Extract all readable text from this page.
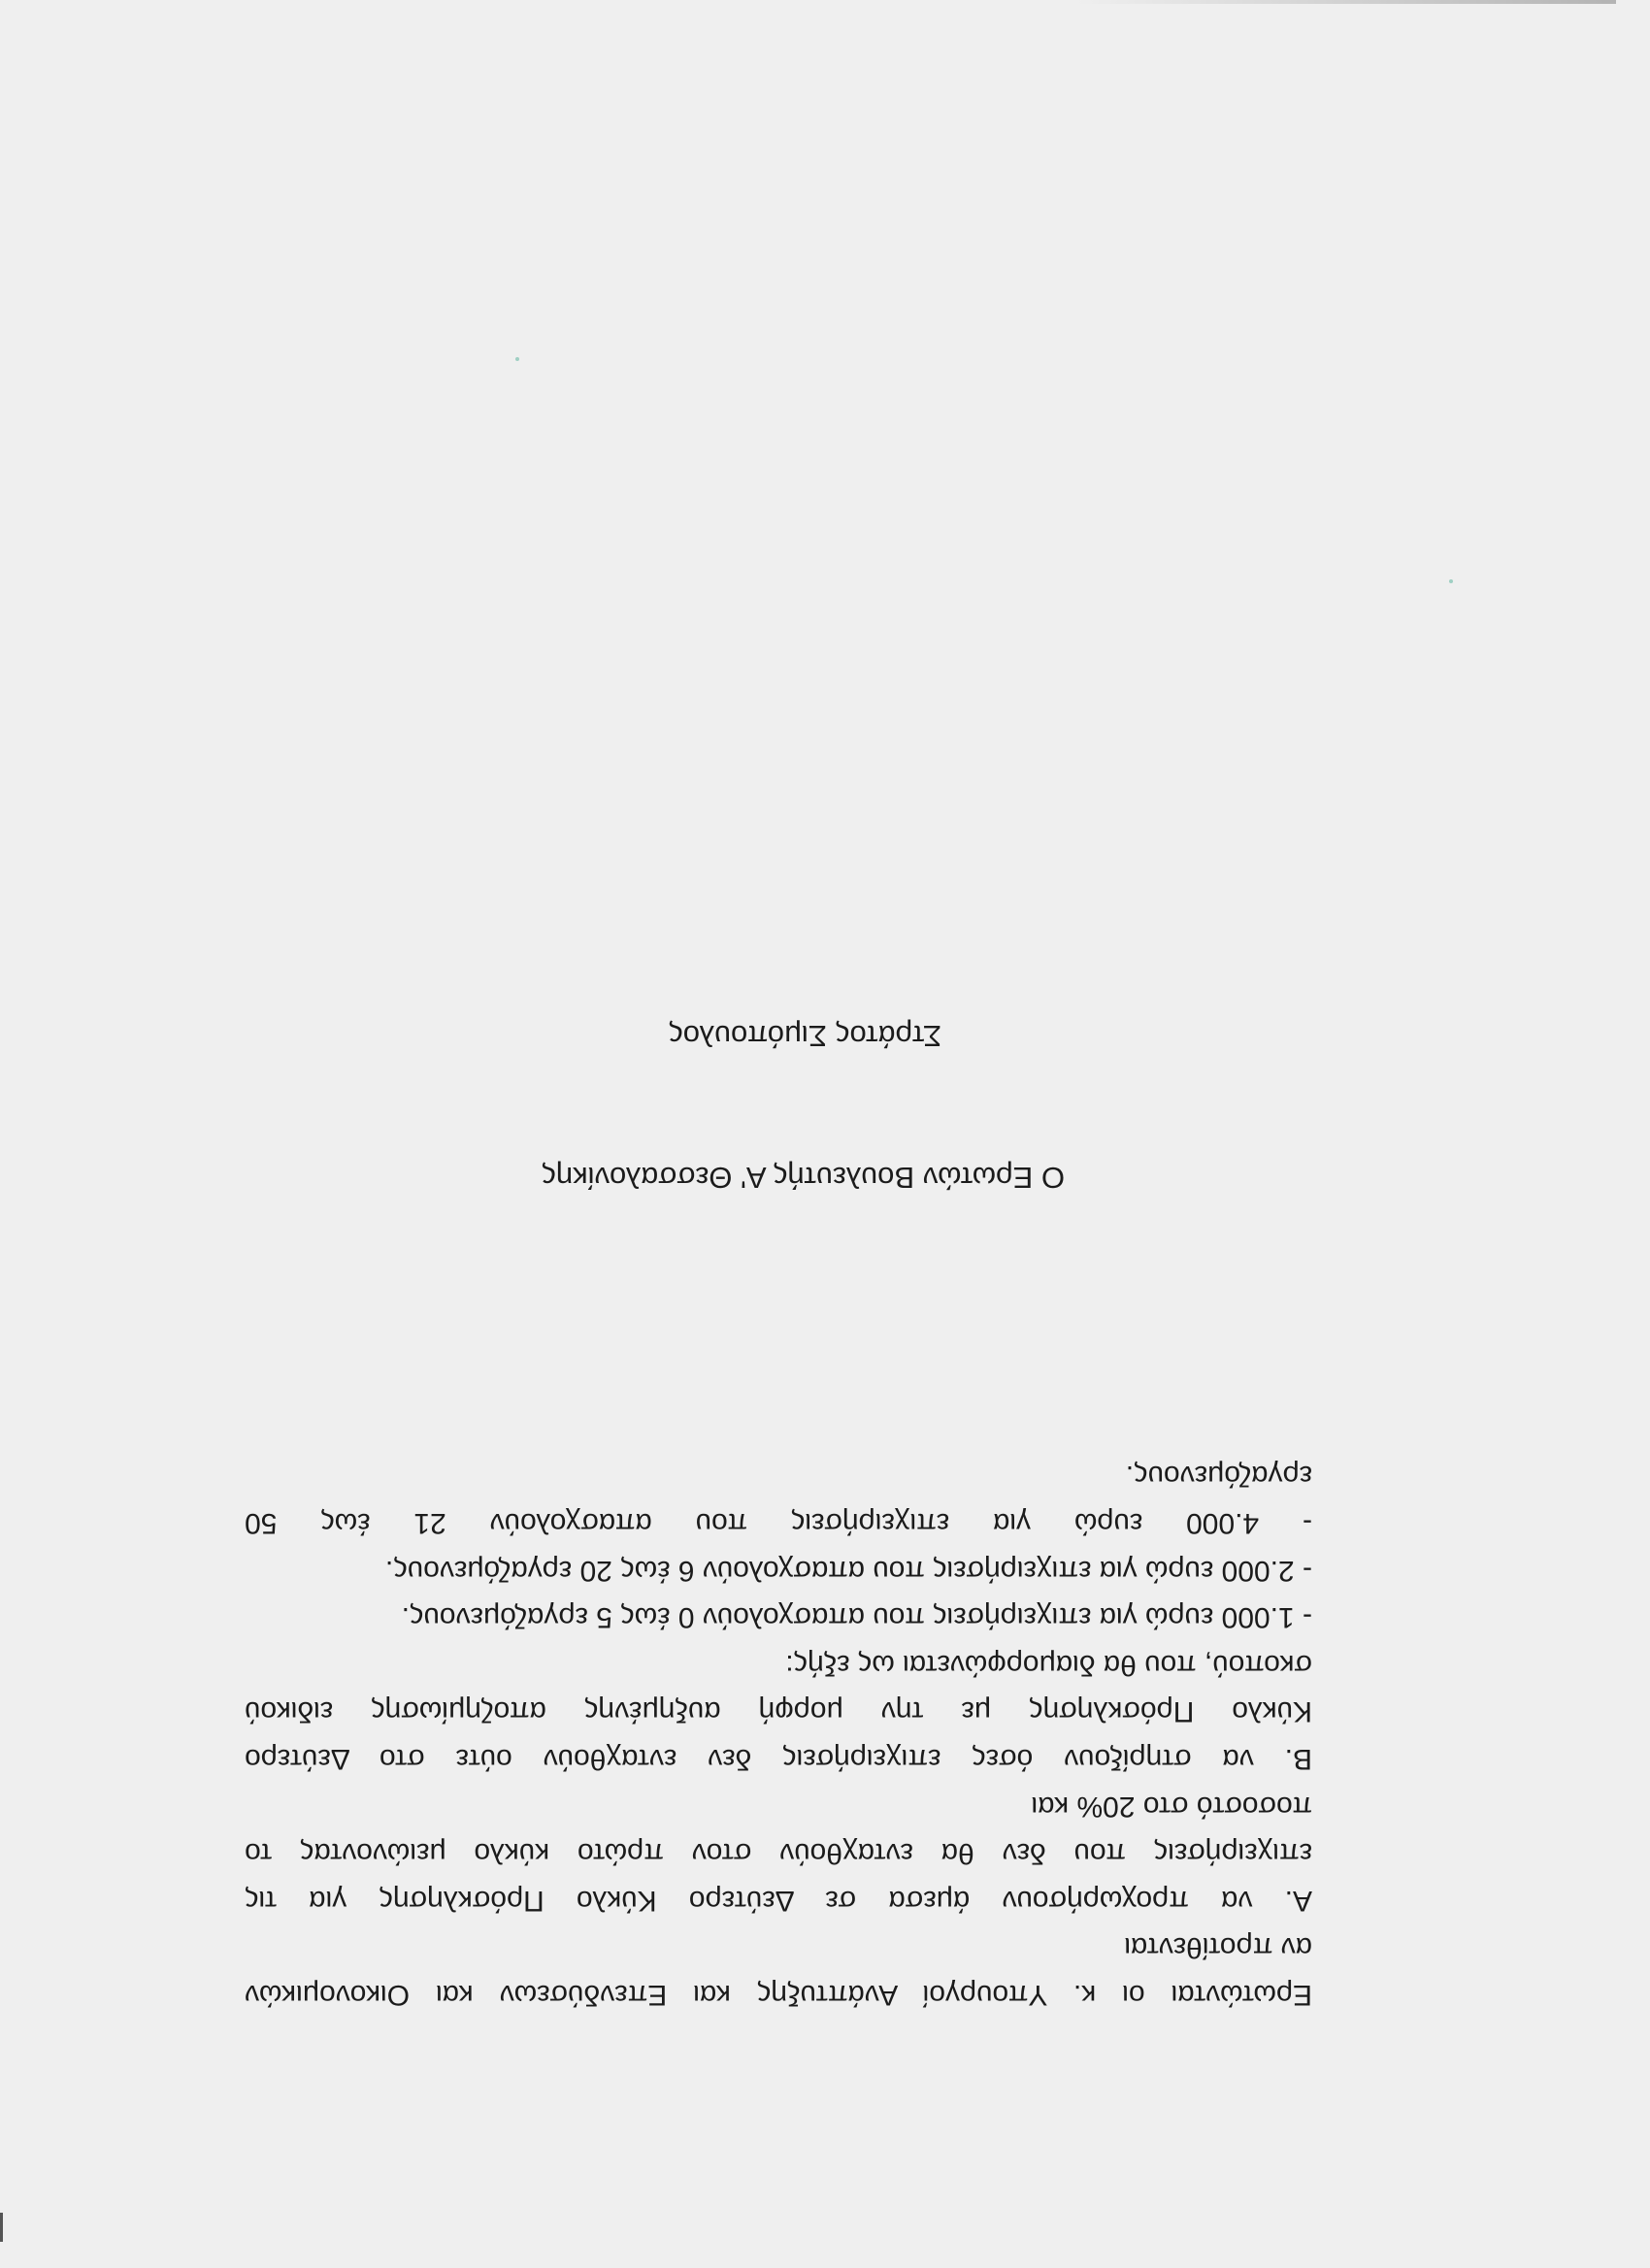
Ερωτώνται οι κ. Υπουργοί Ανάπτυξης και Επενδύσεων και Οικονομικών

αν προτίθενται

Α. να προχωρήσουν άμεσα σε Δεύτερο Κύκλο Πρόσκλησης για τις

επιχειρήσεις που δεν θα ενταχθούν στον πρώτο κύκλο μειώνοντας το

ποσοστό στο 20% και

Β. να στηρίξουν όσες επιχειρήσεις δεν ενταχθούν ούτε στο Δεύτερο

Κύκλο Πρόσκλησης με την μορφή αυξημένης αποζημίωσης ειδικού

σκοπού, που θα διαμορφώνεται ως εξής:

- 1.000 ευρώ για επιχειρήσεις που απασχολούν 0 έως 5 εργαζόμενους.

- 2.000 ευρώ για επιχειρήσεις που απασχολούν 6 έως 20 εργαζόμενους.

- 4.000 ευρώ για επιχειρήσεις που απασχολούν 21 έως 50

εργαζόμενους.

Ο Ερωτών Βουλευτής Α' Θεσσαλονίκης
Στράτος Σιμόπουλος
